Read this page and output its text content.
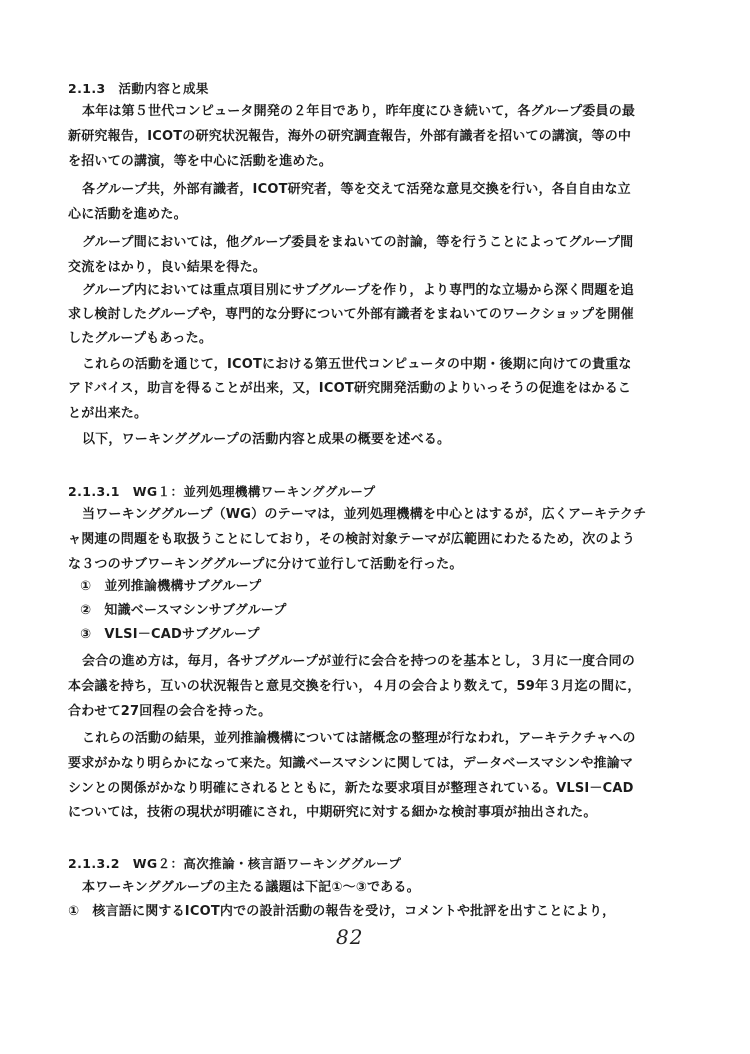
2.1.3　活動内容と成果
本年は第５世代コンピュータ開発の２年目であり，昨年度にひき続いて，各グループ委員の最
新研究報告，ICOTの研究状況報告，海外の研究調査報告，外部有識者を招いての講演，等の中
を招いての講演，等を中心に活動を進めた。
各グループ共，外部有識者，ICOT研究者，等を交えて活発な意見交換を行い，各自自由な立
心に活動を進めた。
グループ間においては，他グループ委員をまねいての討論，等を行うことによってグループ間
交流をはかり，良い結果を得た。
グループ内においては重点項目別にサブグループを作り，より専門的な立場から深く問題を追
求し検討したグループや，専門的な分野について外部有識者をまねいてのワークショップを開催
したグループもあった。
これらの活動を通じて，ICOTにおける第五世代コンピュータの中期・後期に向けての貴重な
アドバイス，助言を得ることが出来，又，ICOT研究開発活動のよりいっそうの促進をはかるこ
とが出来た。
以下，ワーキンググループの活動内容と成果の概要を述べる。
2.1.3.1　WG１：並列処理機構ワーキンググループ
当ワーキンググループ（WG）のテーマは，並列処理機構を中心とはするが，広くアーキテクチ
ャ関連の問題をも取扱うことにしており，その検討対象テーマが広範囲にわたるため，次のよう
な３つのサブワーキンググループに分けて並行して活動を行った。
①　並列推論機構サブグループ
②　知識ベースマシンサブグループ
③　VLSI－CADサブグループ
会合の進め方は，毎月，各サブグループが並行に会合を持つのを基本とし，３月に一度合同の
本会議を持ち，互いの状況報告と意見交換を行い，４月の会合より数えて，59年３月迄の間に，
合わせて27回程の会合を持った。
これらの活動の結果，並列推論機構については諸概念の整理が行なわれ，アーキテクチャへの
要求がかなり明らかになって来た。知識ベースマシンに関しては，データベースマシンや推論マ
シンとの関係がかなり明確にされるとともに，新たな要求項目が整理されている。VLSI－CAD
については，技術の現状が明確にされ，中期研究に対する細かな検討事項が抽出された。
2.1.3.2　WG２：高次推論・核言語ワーキンググループ
本ワーキンググループの主たる議題は下記①～③である。
①　核言語に関するICOT内での設計活動の報告を受け，コメントや批評を出すことにより，
82
